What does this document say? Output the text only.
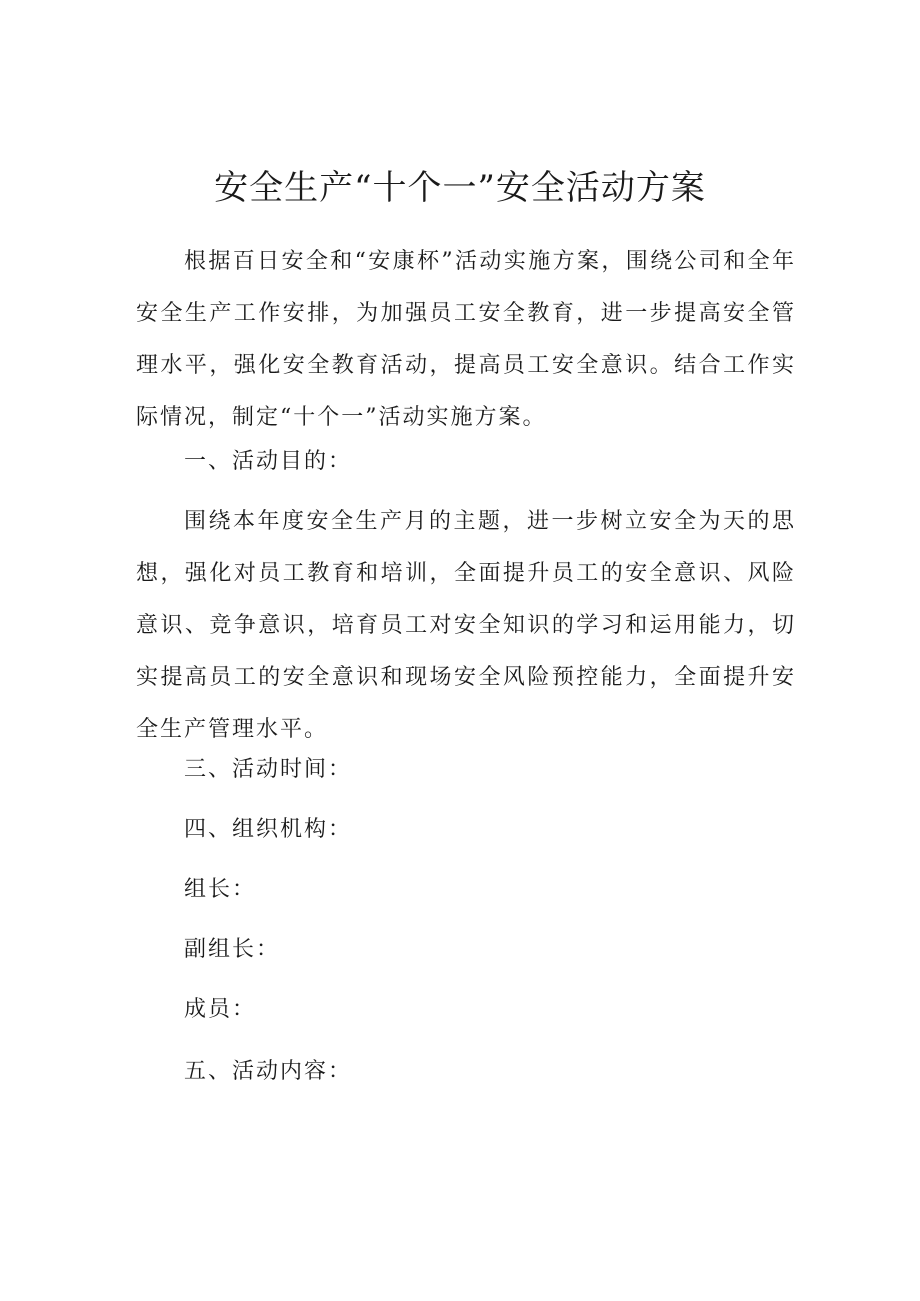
安全生产“十个一”安全活动方案

根据百日安全和“安康杯”活动实施方案，围绕公司和全年安全生产工作安排，为加强员工安全教育，进一步提高安全管理水平，强化安全教育活动，提高员工安全意识。结合工作实际情况，制定“十个一”活动实施方案。

一、活动目的：

围绕本年度安全生产月的主题，进一步树立安全为天的思想，强化对员工教育和培训，全面提升员工的安全意识、风险意识、竞争意识，培育员工对安全知识的学习和运用能力，切实提高员工的安全意识和现场安全风险预控能力，全面提升安全生产管理水平。

三、活动时间：

四、组织机构：

组长：

副组长：

成员：

五、活动内容：
